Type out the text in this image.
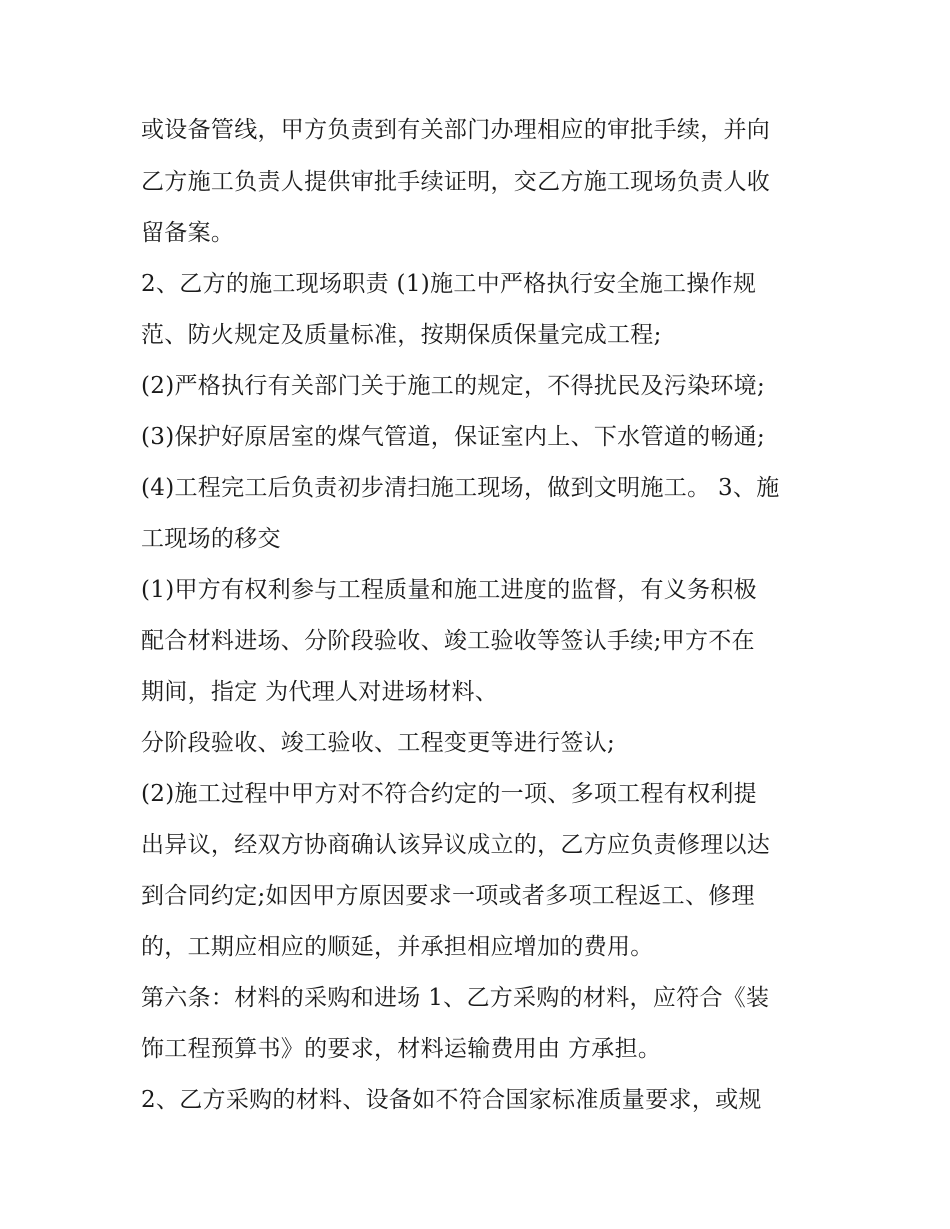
或设备管线，甲方负责到有关部门办理相应的审批手续，并向
乙方施工负责人提供审批手续证明，交乙方施工现场负责人收
留备案。
2、乙方的施工现场职责 (1)施工中严格执行安全施工操作规
范、防火规定及质量标准，按期保质保量完成工程;
(2)严格执行有关部门关于施工的规定，不得扰民及污染环境;
(3)保护好原居室的煤气管道，保证室内上、下水管道的畅通;
(4)工程完工后负责初步清扫施工现场，做到文明施工。 3、施
工现场的移交
(1)甲方有权利参与工程质量和施工进度的监督，有义务积极
配合材料进场、分阶段验收、竣工验收等签认手续;甲方不在
期间，指定 为代理人对进场材料、
分阶段验收、竣工验收、工程变更等进行签认;
(2)施工过程中甲方对不符合约定的一项、多项工程有权利提
出异议，经双方协商确认该异议成立的，乙方应负责修理以达
到合同约定;如因甲方原因要求一项或者多项工程返工、修理
的，工期应相应的顺延，并承担相应增加的费用。
第六条：材料的采购和进场 1、乙方采购的材料，应符合《装
饰工程预算书》的要求，材料运输费用由 方承担。
2、乙方采购的材料、设备如不符合国家标准质量要求，或规
